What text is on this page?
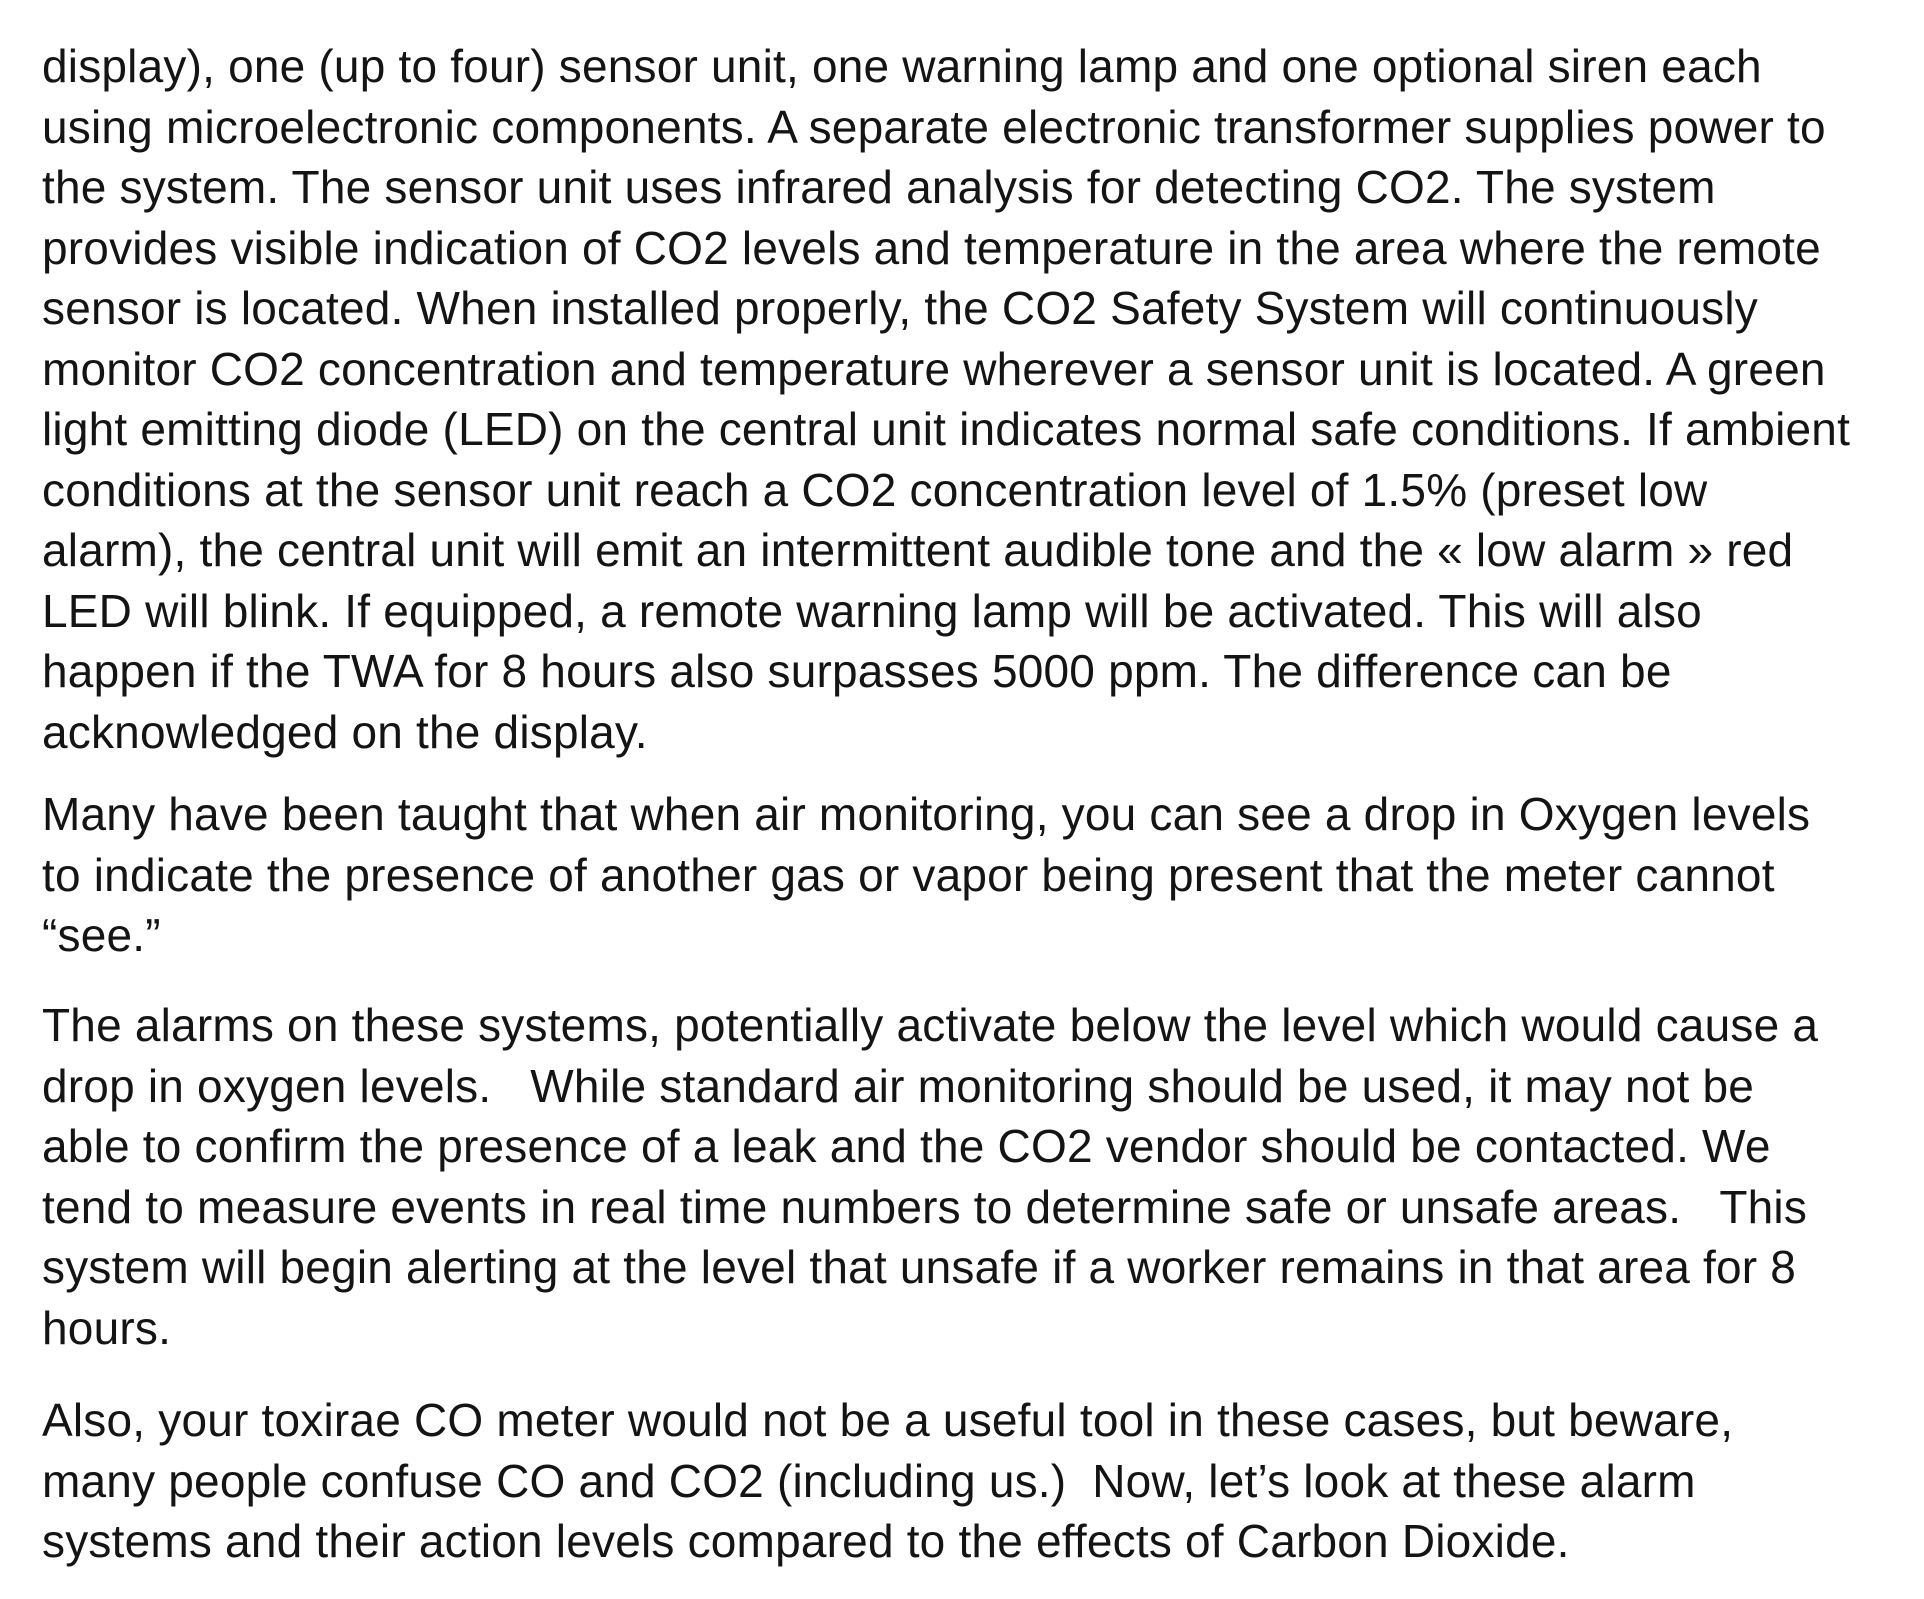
display), one (up to four) sensor unit, one warning lamp and one optional siren each
using microelectronic components. A separate electronic transformer supplies power to
the system. The sensor unit uses infrared analysis for detecting CO2. The system
provides visible indication of CO2 levels and temperature in the area where the remote
sensor is located. When installed properly, the CO2 Safety System will continuously
monitor CO2 concentration and temperature wherever a sensor unit is located. A green
light emitting diode (LED) on the central unit indicates normal safe conditions. If ambient
conditions at the sensor unit reach a CO2 concentration level of 1.5% (preset low
alarm), the central unit will emit an intermittent audible tone and the « low alarm » red
LED will blink. If equipped, a remote warning lamp will be activated. This will also
happen if the TWA for 8 hours also surpasses 5000 ppm. The difference can be
acknowledged on the display.
Many have been taught that when air monitoring, you can see a drop in Oxygen levels
to indicate the presence of another gas or vapor being present that the meter cannot
“see.”
The alarms on these systems, potentially activate below the level which would cause a
drop in oxygen levels.   While standard air monitoring should be used, it may not be
able to confirm the presence of a leak and the CO2 vendor should be contacted. We
tend to measure events in real time numbers to determine safe or unsafe areas.   This
system will begin alerting at the level that unsafe if a worker remains in that area for 8
hours.
Also, your toxirae CO meter would not be a useful tool in these cases, but beware,
many people confuse CO and CO2 (including us.)  Now, let’s look at these alarm
systems and their action levels compared to the effects of Carbon Dioxide.
